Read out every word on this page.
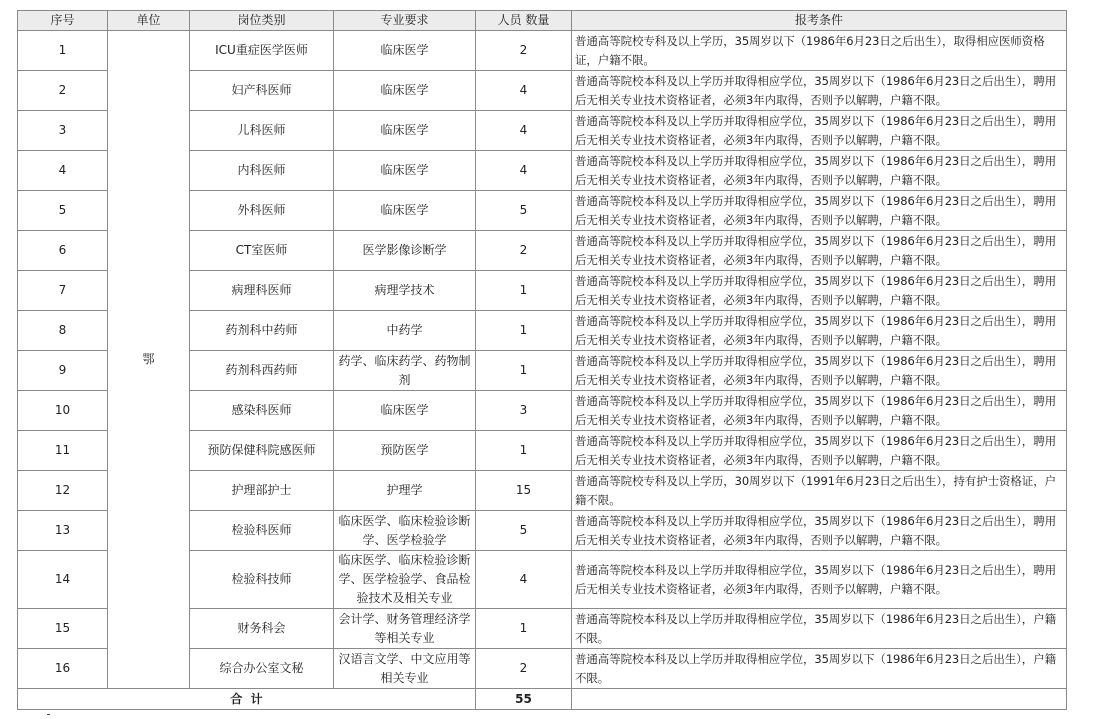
序号	单位	岗位类别	专业要求	人员 数量	报考条件
1	鄂	ICU重症医学医师	临床医学	2	普通高等院校专科及以上学历，35周岁以下（1986年6月23日之后出生），取得相应医师资格证，户籍不限。
2		妇产科医师	临床医学	4	普通高等院校本科及以上学历并取得相应学位，35周岁以下（1986年6月23日之后出生），聘用后无相关专业技术资格证者，必须3年内取得，否则予以解聘，户籍不限。
3		儿科医师	临床医学	4	普通高等院校本科及以上学历并取得相应学位，35周岁以下（1986年6月23日之后出生），聘用后无相关专业技术资格证者，必须3年内取得，否则予以解聘，户籍不限。
4		内科医师	临床医学	4	普通高等院校本科及以上学历并取得相应学位，35周岁以下（1986年6月23日之后出生），聘用后无相关专业技术资格证者，必须3年内取得，否则予以解聘，户籍不限。
5		外科医师	临床医学	5	普通高等院校本科及以上学历并取得相应学位，35周岁以下（1986年6月23日之后出生），聘用后无相关专业技术资格证者，必须3年内取得，否则予以解聘，户籍不限。
6		CT室医师	医学影像诊断学	2	普通高等院校本科及以上学历并取得相应学位，35周岁以下（1986年6月23日之后出生），聘用后无相关专业技术资格证者，必须3年内取得，否则予以解聘，户籍不限。
7		病理科医师	病理学技术	1	普通高等院校本科及以上学历并取得相应学位，35周岁以下（1986年6月23日之后出生），聘用后无相关专业技术资格证者，必须3年内取得，否则予以解聘，户籍不限。
8		药剂科中药师	中药学	1	普通高等院校本科及以上学历并取得相应学位，35周岁以下（1986年6月23日之后出生），聘用后无相关专业技术资格证者，必须3年内取得，否则予以解聘，户籍不限。
9		药剂科西药师	药学、临床药学、药物制剂	1	普通高等院校本科及以上学历并取得相应学位，35周岁以下（1986年6月23日之后出生），聘用后无相关专业技术资格证者，必须3年内取得，否则予以解聘，户籍不限。
10		感染科医师	临床医学	3	普通高等院校本科及以上学历并取得相应学位，35周岁以下（1986年6月23日之后出生），聘用后无相关专业技术资格证者，必须3年内取得，否则予以解聘，户籍不限。
11		预防保健科院感医师	预防医学	1	普通高等院校本科及以上学历并取得相应学位，35周岁以下（1986年6月23日之后出生），聘用后无相关专业技术资格证者，必须3年内取得，否则予以解聘，户籍不限。
12		护理部护士	护理学	15	普通高等院校专科及以上学历，30周岁以下（1991年6月23日之后出生），持有护士资格证，户籍不限。
13		检验科医师	临床医学、临床检验诊断学、医学检验学	5	普通高等院校本科及以上学历并取得相应学位，35周岁以下（1986年6月23日之后出生），聘用后无相关专业技术资格证者，必须3年内取得，否则予以解聘，户籍不限。
14		检验科技师	临床医学、临床检验诊断学、医学检验学、食品检验技术及相关专业	4	普通高等院校本科及以上学历并取得相应学位，35周岁以下（1986年6月23日之后出生），聘用后无相关专业技术资格证者，必须3年内取得，否则予以解聘，户籍不限。
15		财务科会	会计学、财务管理经济学等相关专业	1	普通高等院校本科及以上学历并取得相应学位，35周岁以下（1986年6月23日之后出生），户籍不限。
16		综合办公室文秘	汉语言文学、中文应用等相关专业	2	普通高等院校本科及以上学历并取得相应学位，35周岁以下（1986年6月23日之后出生），户籍不限。
合  计				55	
